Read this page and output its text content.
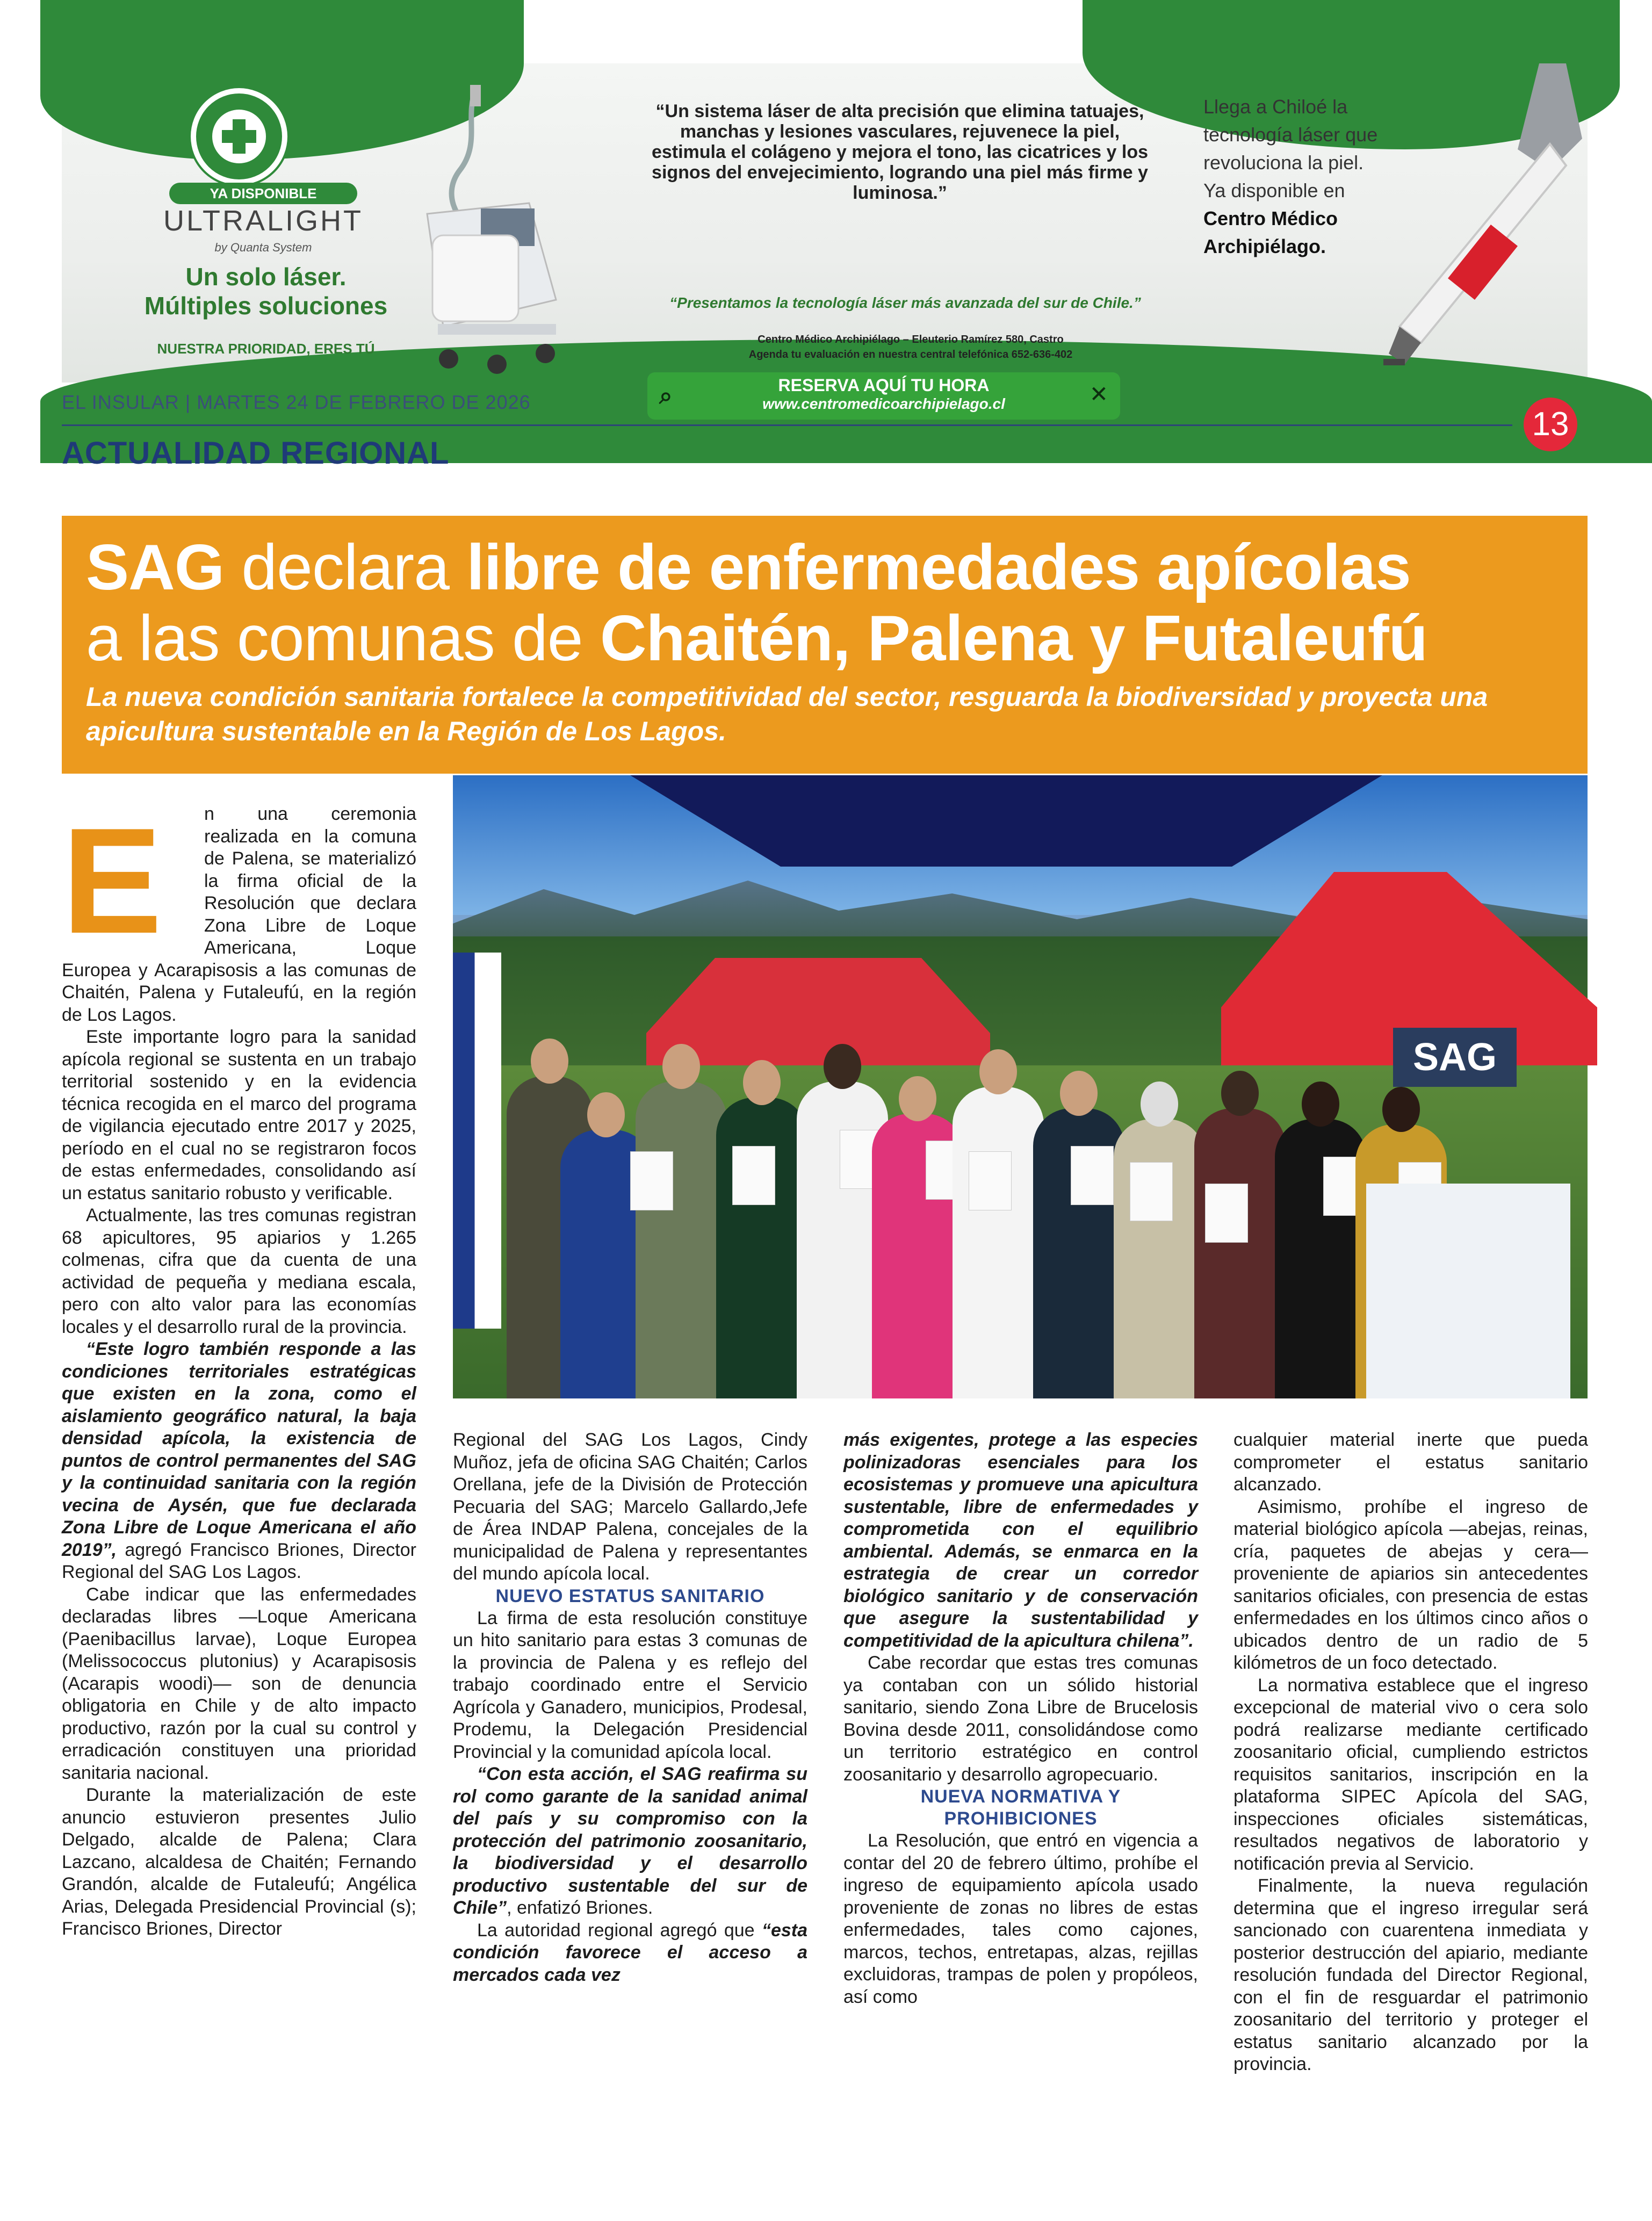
YA DISPONIBLE
ULTRALIGHT
by Quanta System
Un solo láser.
Múltiples soluciones
NUESTRA PRIORIDAD, ERES TÚ
“Un sistema láser de alta precisión que elimina tatuajes, manchas y lesiones vasculares, rejuvenece la piel, estimula el colágeno y mejora el tono, las cicatrices y los signos del envejecimiento, logrando una piel más firme y luminosa.”
“Presentamos la tecnología láser más avanzada del sur de Chile.”
Centro Médico Archipiélago – Eleuterio Ramírez 580, Castro
Agenda tu evaluación en nuestra central telefónica 652-636-402
⌕	RESERVA AQUÍ TU HORA
www.centromedicoarchipielago.cl	✕
Llega a Chiloé la
tecnología láser que
revoluciona la piel.
Ya disponible en
Centro Médico
Archipiélago.
EL INSULAR | MARTES 24 DE FEBRERO DE 2026
13
ACTUALIDAD REGIONAL
SAG declara libre de enfermedades apícolas
a las comunas de Chaitén, Palena y Futaleufú
La nueva condición sanitaria fortalece la competitividad del sector, resguarda la biodiversidad y proyecta una apicultura sustentable en la Región de Los Lagos.
SAG
E	n una ceremonia realizada en la comuna de Palena, se materializó la firma oficial de la Resolución que declara Zona Libre de Loque Americana, Loque Europea y Acarapisosis a las comunas de Chaitén, Palena y Futaleufú, en la región de Los Lagos.

Este importante logro para la sanidad apícola regional se sustenta en un trabajo territorial sostenido y en la evidencia técnica recogida en el marco del programa de vigilancia ejecutado entre 2017 y 2025, período en el cual no se registraron focos de estas enfermedades, consolidando así un estatus sanitario robusto y verificable.

Actualmente, las tres comunas registran 68 apicultores, 95 apiarios y 1.265 colmenas, cifra que da cuenta de una actividad de pequeña y mediana escala, pero con alto valor para las economías locales y el desarrollo rural de la provincia.

“Este logro también responde a las condiciones territoriales estratégicas que existen en la zona, como el aislamiento geográfico natural, la baja densidad apícola, la existencia de puntos de control permanentes del SAG y la continuidad sanitaria con la región vecina de Aysén, que fue declarada Zona Libre de Loque Americana el año 2019”, agregó Francisco Briones, Director Regional del SAG Los Lagos.

Cabe indicar que las enfermedades declaradas libres —Loque Americana (Paenibacillus larvae), Loque Europea (Melissococcus plutonius) y Acarapisosis (Acarapis woodi)— son de denuncia obligatoria en Chile y de alto impacto productivo, razón por la cual su control y erradicación constituyen una prioridad sanitaria nacional.

Durante la materialización de este anuncio estuvieron presentes Julio Delgado, alcalde de Palena; Clara Lazcano, alcaldesa de Chaitén; Fernando Grandón, alcalde de Futaleufú; Angélica Arias, Delegada Presidencial Provincial (s); Francisco Briones, Director

Regional del SAG Los Lagos, Cindy Muñoz, jefa de oficina SAG Chaitén; Carlos Orellana, jefe de la División de Protección Pecuaria del SAG; Marcelo Gallardo,Jefe de Área INDAP Palena, concejales de la municipalidad de Palena y representantes del mundo apícola local.

NUEVO ESTATUS SANITARIO

La firma de esta resolución constituye un hito sanitario para estas 3 comunas de la provincia de Palena y es reflejo del trabajo coordinado entre el Servicio Agrícola y Ganadero, municipios, Prodesal, Prodemu, la Delegación Presidencial Provincial y la comunidad apícola local.

“Con esta acción, el SAG reafirma su rol como garante de la sanidad animal del país y su compromiso con la protección del patrimonio zoosanitario, la biodiversidad y el desarrollo productivo sustentable del sur de Chile”, enfatizó Briones.

La autoridad regional agregó que “esta condición favorece el acceso a mercados cada vez

más exigentes, protege a las especies polinizadoras esenciales para los ecosistemas y promueve una apicultura sustentable, libre de enfermedades y comprometida con el equilibrio ambiental. Además, se enmarca en la estrategia de crear un corredor biológico sanitario y de conservación que asegure la sustentabilidad y competitividad de la apicultura chilena”.

Cabe recordar que estas tres comunas ya contaban con un sólido historial sanitario, siendo Zona Libre de Brucelosis Bovina desde 2011, consolidándose como un territorio estratégico en control zoosanitario y desarrollo agropecuario.

NUEVA NORMATIVA Y PROHIBICIONES

La Resolución, que entró en vigencia a contar del 20 de febrero último, prohíbe el ingreso de equipamiento apícola usado proveniente de zonas no libres de estas enfermedades, tales como cajones, marcos, techos, entretapas, alzas, rejillas excluidoras, trampas de polen y propóleos, así como

cualquier material inerte que pueda comprometer el estatus sanitario alcanzado.

Asimismo, prohíbe el ingreso de material biológico apícola —abejas, reinas, cría, paquetes de abejas y cera— proveniente de apiarios sin antecedentes sanitarios oficiales, con presencia de estas enfermedades en los últimos cinco años o ubicados dentro de un radio de 5 kilómetros de un foco detectado.

La normativa establece que el ingreso excepcional de material vivo o cera solo podrá realizarse mediante certificado zoosanitario oficial, cumpliendo estrictos requisitos sanitarios, inscripción en la plataforma SIPEC Apícola del SAG, inspecciones oficiales sistemáticas, resultados negativos de laboratorio y notificación previa al Servicio.

Finalmente, la nueva regulación determina que el ingreso irregular será sancionado con cuarentena inmediata y posterior destrucción del apiario, mediante resolución fundada del Director Regional, con el fin de resguardar el patrimonio zoosanitario del territorio y proteger el estatus sanitario alcanzado por la provincia.
